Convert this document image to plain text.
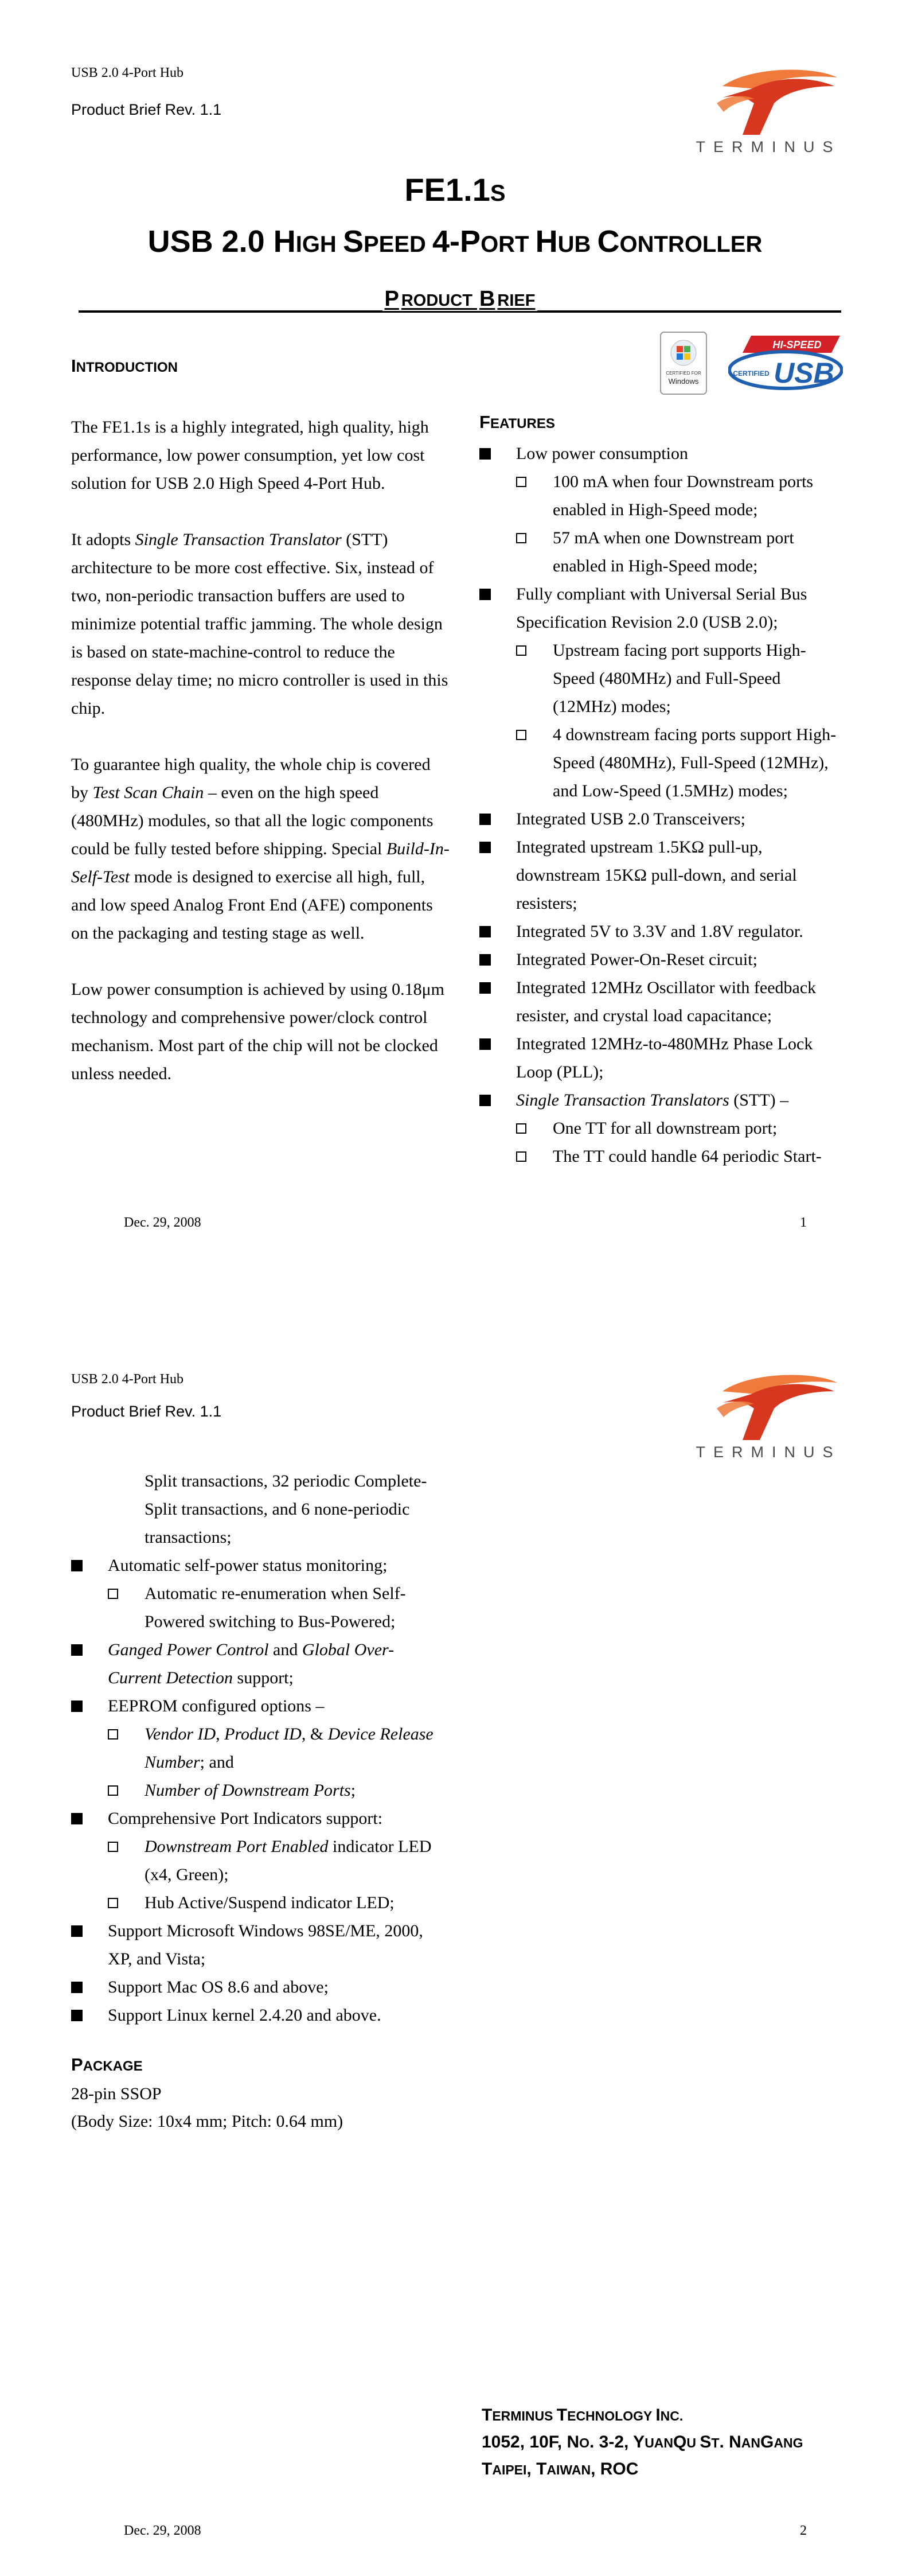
USB 2.0 4-Port Hub
Product Brief Rev. 1.1
TERMINUS
FE1.1S
USB 2.0 HIGH SPEED 4-PORT HUB CONTROLLER
P RODUCT B RIEF
INTRODUCTION	CERTIFIED FOR
Windows
HI-SPEED
CERTIFIED USB

The FE1.1s is a highly integrated, high quality, high performance, low power consumption, yet low cost solution for USB 2.0 High Speed 4-Port Hub.

It adopts Single Transaction Translator (STT) architecture to be more cost effective. Six, instead of two, non-periodic transaction buffers are used to minimize potential traffic jamming. The whole design is based on state-machine-control to reduce the response delay time; no micro controller is used in this chip.

To guarantee high quality, the whole chip is covered by Test Scan Chain – even on the high speed (480MHz) modules, so that all the logic components could be fully tested before shipping. Special Build-In-Self-Test mode is designed to exercise all high, full, and low speed Analog Front End (AFE) components on the packaging and testing stage as well.

Low power consumption is achieved by using 0.18μm technology and comprehensive power/clock control mechanism. Most part of the chip will not be clocked unless needed.

FEATURES
Low power consumption
100 mA when four Downstream ports enabled in High-Speed mode;
57 mA when one Downstream port enabled in High-Speed mode;
Fully compliant with Universal Serial Bus Specification Revision 2.0 (USB 2.0);
Upstream facing port supports High-Speed (480MHz) and Full-Speed (12MHz) modes;
4 downstream facing ports support High-Speed (480MHz), Full-Speed (12MHz), and Low-Speed (1.5MHz) modes;
Integrated USB 2.0 Transceivers;
Integrated upstream 1.5KΩ pull-up, downstream 15KΩ pull-down, and serial resisters;
Integrated 5V to 3.3V and 1.8V regulator.
Integrated Power-On-Reset circuit;
Integrated 12MHz Oscillator with feedback resister, and crystal load capacitance;
Integrated 12MHz-to-480MHz Phase Lock Loop (PLL);
Single Transaction Translators (STT) –
One TT for all downstream port;
The TT could handle 64 periodic Start-
Dec. 29, 2008	1
USB 2.0 4-Port Hub
Product Brief Rev. 1.1
TERMINUS
Split transactions, 32 periodic Complete-Split transactions, and 6 none-periodic transactions;
Automatic self-power status monitoring;
Automatic re-enumeration when Self-Powered switching to Bus-Powered;
Ganged Power Control and Global Over-Current Detection support;
EEPROM configured options –
Vendor ID, Product ID, & Device Release Number; and
Number of Downstream Ports;
Comprehensive Port Indicators support:
Downstream Port Enabled indicator LED (x4, Green);
Hub Active/Suspend indicator LED;
Support Microsoft Windows 98SE/ME, 2000, XP, and Vista;
Support Mac OS 8.6 and above;
Support Linux kernel 2.4.20 and above.
PACKAGE
28-pin SSOP
(Body Size: 10x4 mm; Pitch: 0.64 mm)
TERMINUS TECHNOLOGY INC.
1052, 10F, NO. 3-2, YUANQU ST. NANGANG
TAIPEI, TAIWAN, ROC
Dec. 29, 2008	2
